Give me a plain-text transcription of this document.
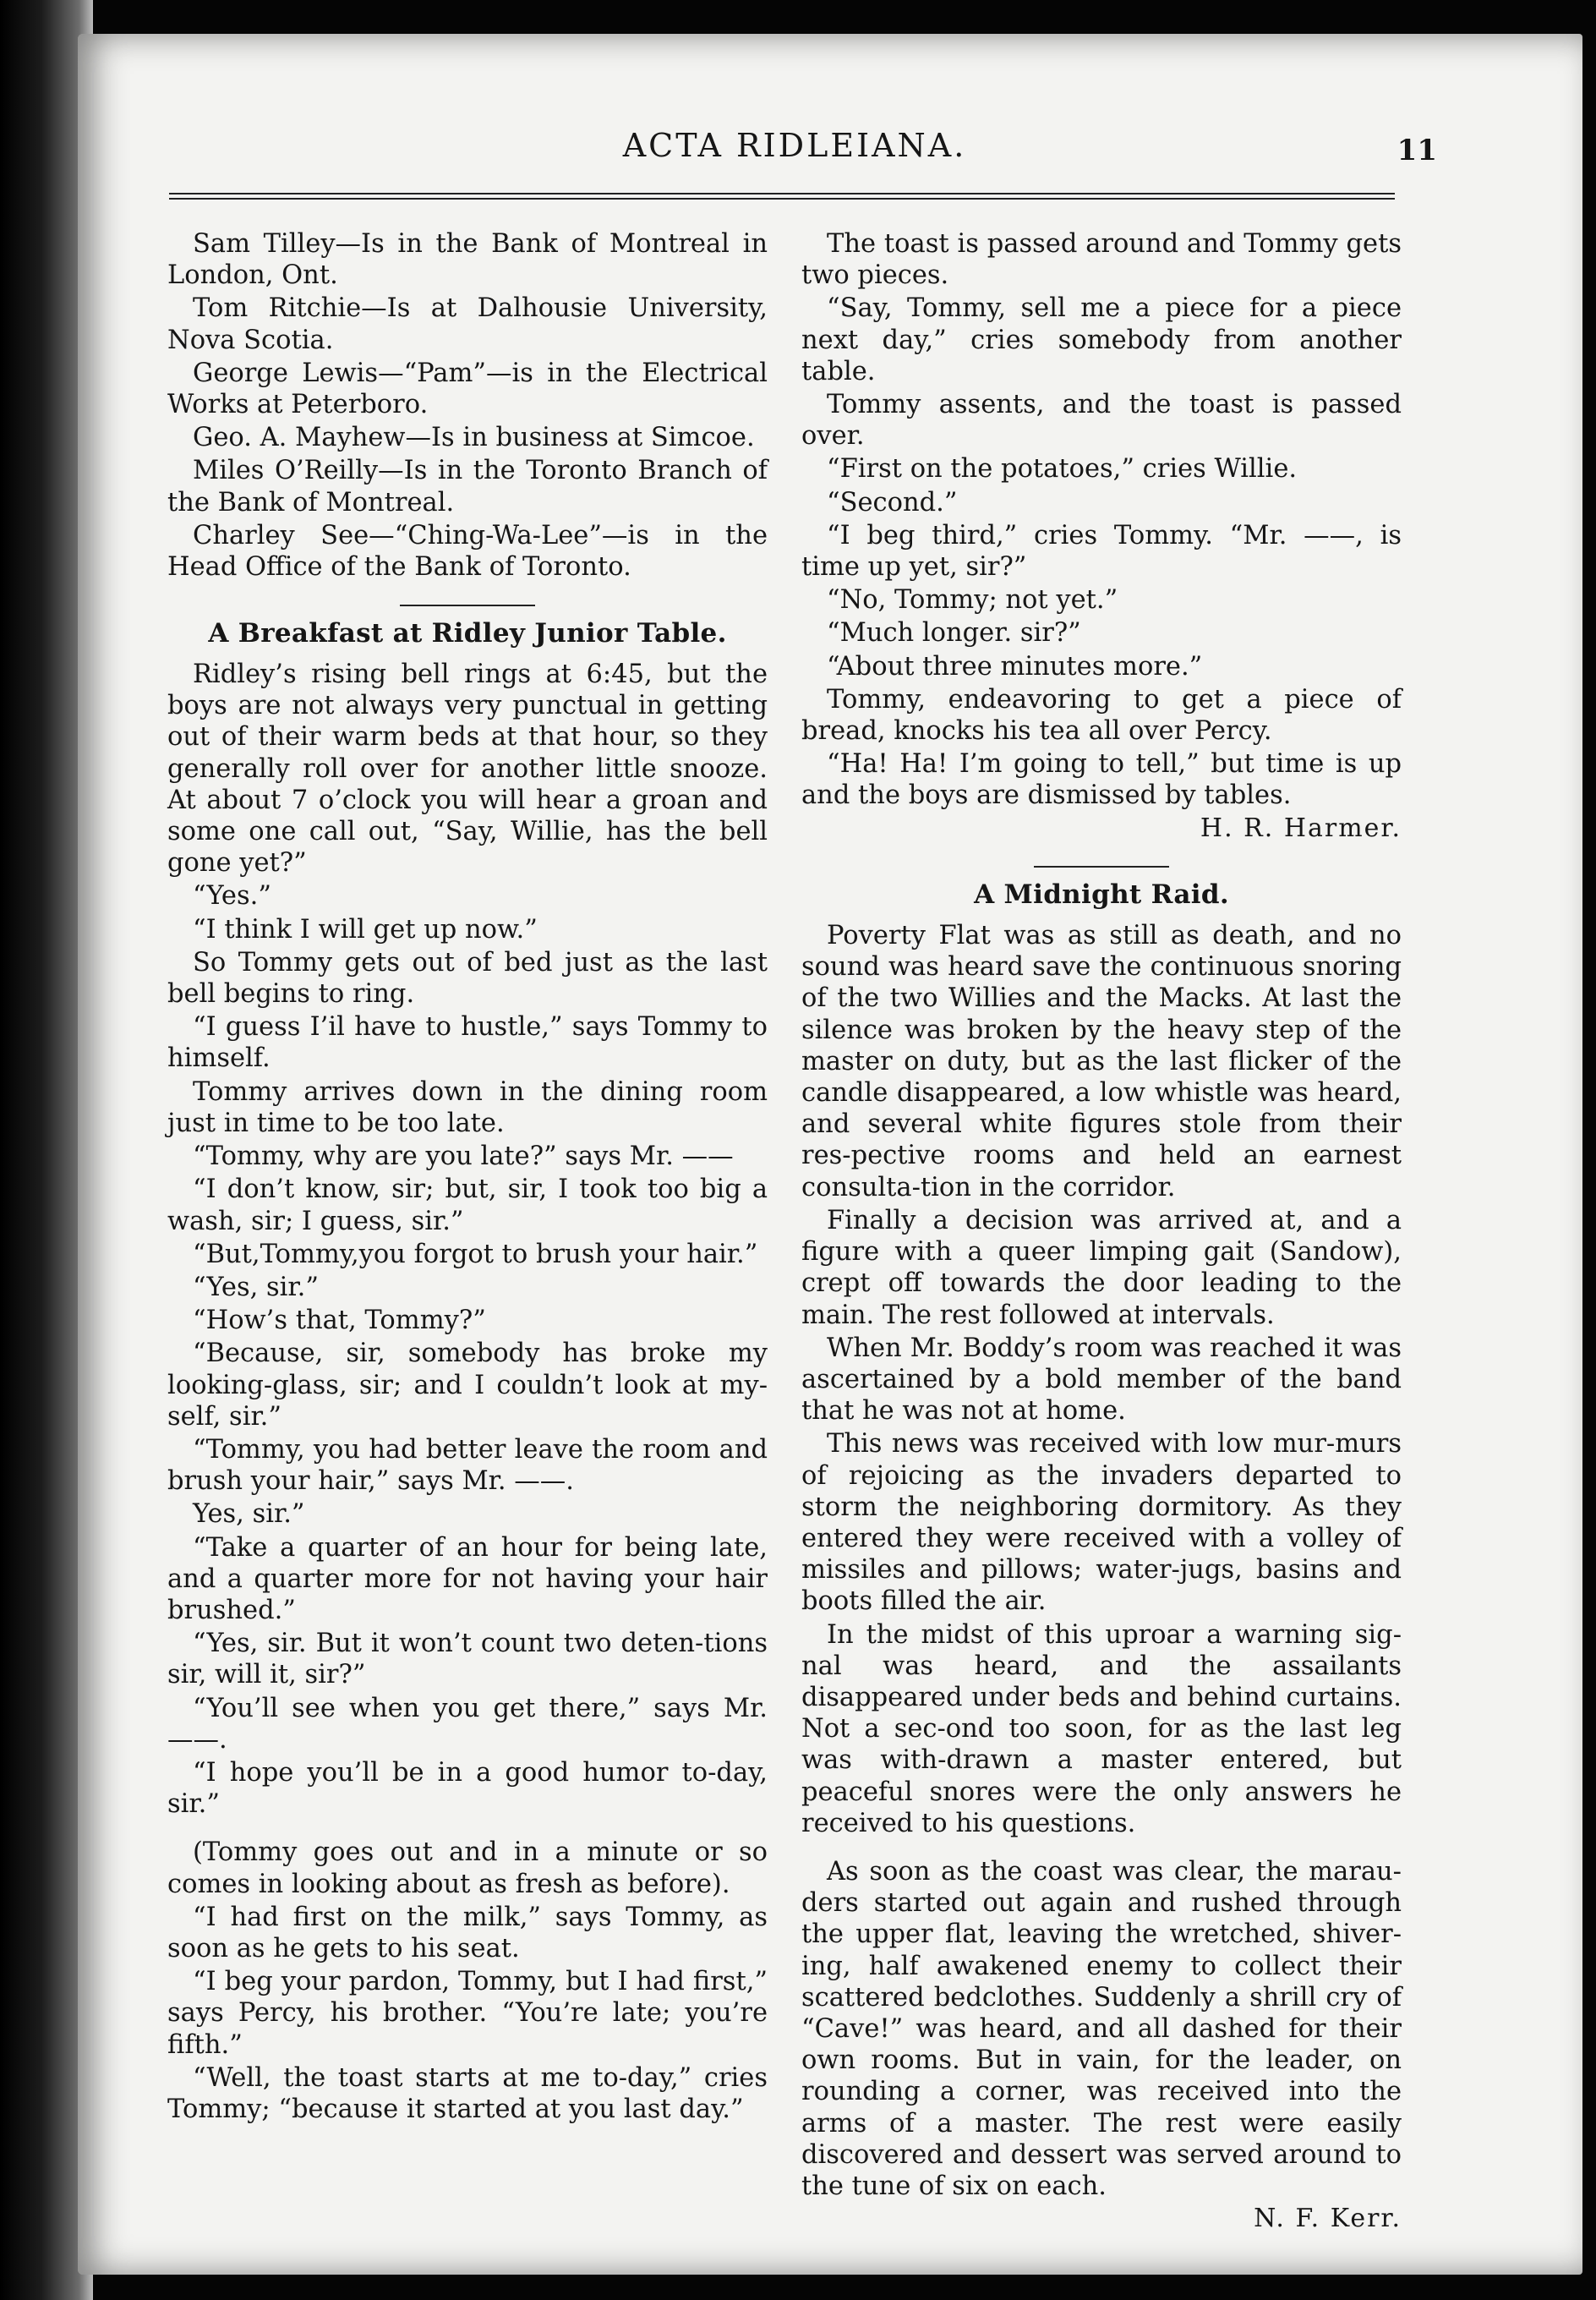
ACTA RIDLEIANA.	11

Sam Tilley—Is in the Bank of Montreal in London, Ont.

Tom Ritchie—Is at Dalhousie University, Nova Scotia.

George Lewis—“Pam”—is in the Electrical Works at Peterboro.

Geo. A. Mayhew—Is in business at Simcoe.

Miles O’Reilly—Is in the Toronto Branch of the Bank of Montreal.

Charley See—“Ching-Wa-Lee”—is in the Head Office of the Bank of Toronto.

A Breakfast at Ridley Junior Table.

Ridley’s rising bell rings at 6:45, but the boys are not always very punctual in getting out of their warm beds at that hour, so they generally roll over for another little snooze. At about 7 o’clock you will hear a groan and some one call out, “Say, Willie, has the bell gone yet?”

“Yes.”

“I think I will get up now.”

So Tommy gets out of bed just as the last bell begins to ring.

“I guess I’il have to hustle,” says Tommy to himself.

Tommy arrives down in the dining room just in time to be too late.

“Tommy, why are you late?” says Mr. ——

“I don’t know, sir; but, sir, I took too big a wash, sir; I guess, sir.”

“But,Tommy,you forgot to brush your hair.”

“Yes, sir.”

“How’s that, Tommy?”

“Because, sir, somebody has broke my looking-glass, sir; and I couldn’t look at my-self, sir.”

“Tommy, you had better leave the room and brush your hair,” says Mr. ——.

Yes, sir.”

“Take a quarter of an hour for being late, and a quarter more for not having your hair brushed.”

“Yes, sir. But it won’t count two deten-tions sir, will it, sir?”

“You’ll see when you get there,” says Mr. ——.

“I hope you’ll be in a good humor to-day, sir.”

(Tommy goes out and in a minute or so comes in looking about as fresh as before).

“I had first on the milk,” says Tommy, as soon as he gets to his seat.

“I beg your pardon, Tommy, but I had first,” says Percy, his brother. “You’re late; you’re fifth.”

“Well, the toast starts at me to-day,” cries Tommy; “because it started at you last day.”

The toast is passed around and Tommy gets two pieces.

“Say, Tommy, sell me a piece for a piece next day,” cries somebody from another table.

Tommy assents, and the toast is passed over.

“First on the potatoes,” cries Willie.

“Second.”

“I beg third,” cries Tommy. “Mr. ——, is time up yet, sir?”

“No, Tommy; not yet.”

“Much longer. sir?”

“About three minutes more.”

Tommy, endeavoring to get a piece of bread, knocks his tea all over Percy.

“Ha! Ha! I’m going to tell,” but time is up and the boys are dismissed by tables.

H. R. Harmer.
A Midnight Raid.

Poverty Flat was as still as death, and no sound was heard save the continuous snoring of the two Willies and the Macks. At last the silence was broken by the heavy step of the master on duty, but as the last flicker of the candle disappeared, a low whistle was heard, and several white figures stole from their res-pective rooms and held an earnest consulta-tion in the corridor.

Finally a decision was arrived at, and a figure with a queer limping gait (Sandow), crept off towards the door leading to the main. The rest followed at intervals.

When Mr. Boddy’s room was reached it was ascertained by a bold member of the band that he was not at home.

This news was received with low mur-murs of rejoicing as the invaders departed to storm the neighboring dormitory. As they entered they were received with a volley of missiles and pillows; water-jugs, basins and boots filled the air.

In the midst of this uproar a warning sig-nal was heard, and the assailants disappeared under beds and behind curtains. Not a sec-ond too soon, for as the last leg was with-drawn a master entered, but peaceful snores were the only answers he received to his questions.

As soon as the coast was clear, the marau-ders started out again and rushed through the upper flat, leaving the wretched, shiver-ing, half awakened enemy to collect their scattered bedclothes. Suddenly a shrill cry of “Cave!” was heard, and all dashed for their own rooms. But in vain, for the leader, on rounding a corner, was received into the arms of a master. The rest were easily discovered and dessert was served around to the tune of six on each.

N. F. Kerr.
